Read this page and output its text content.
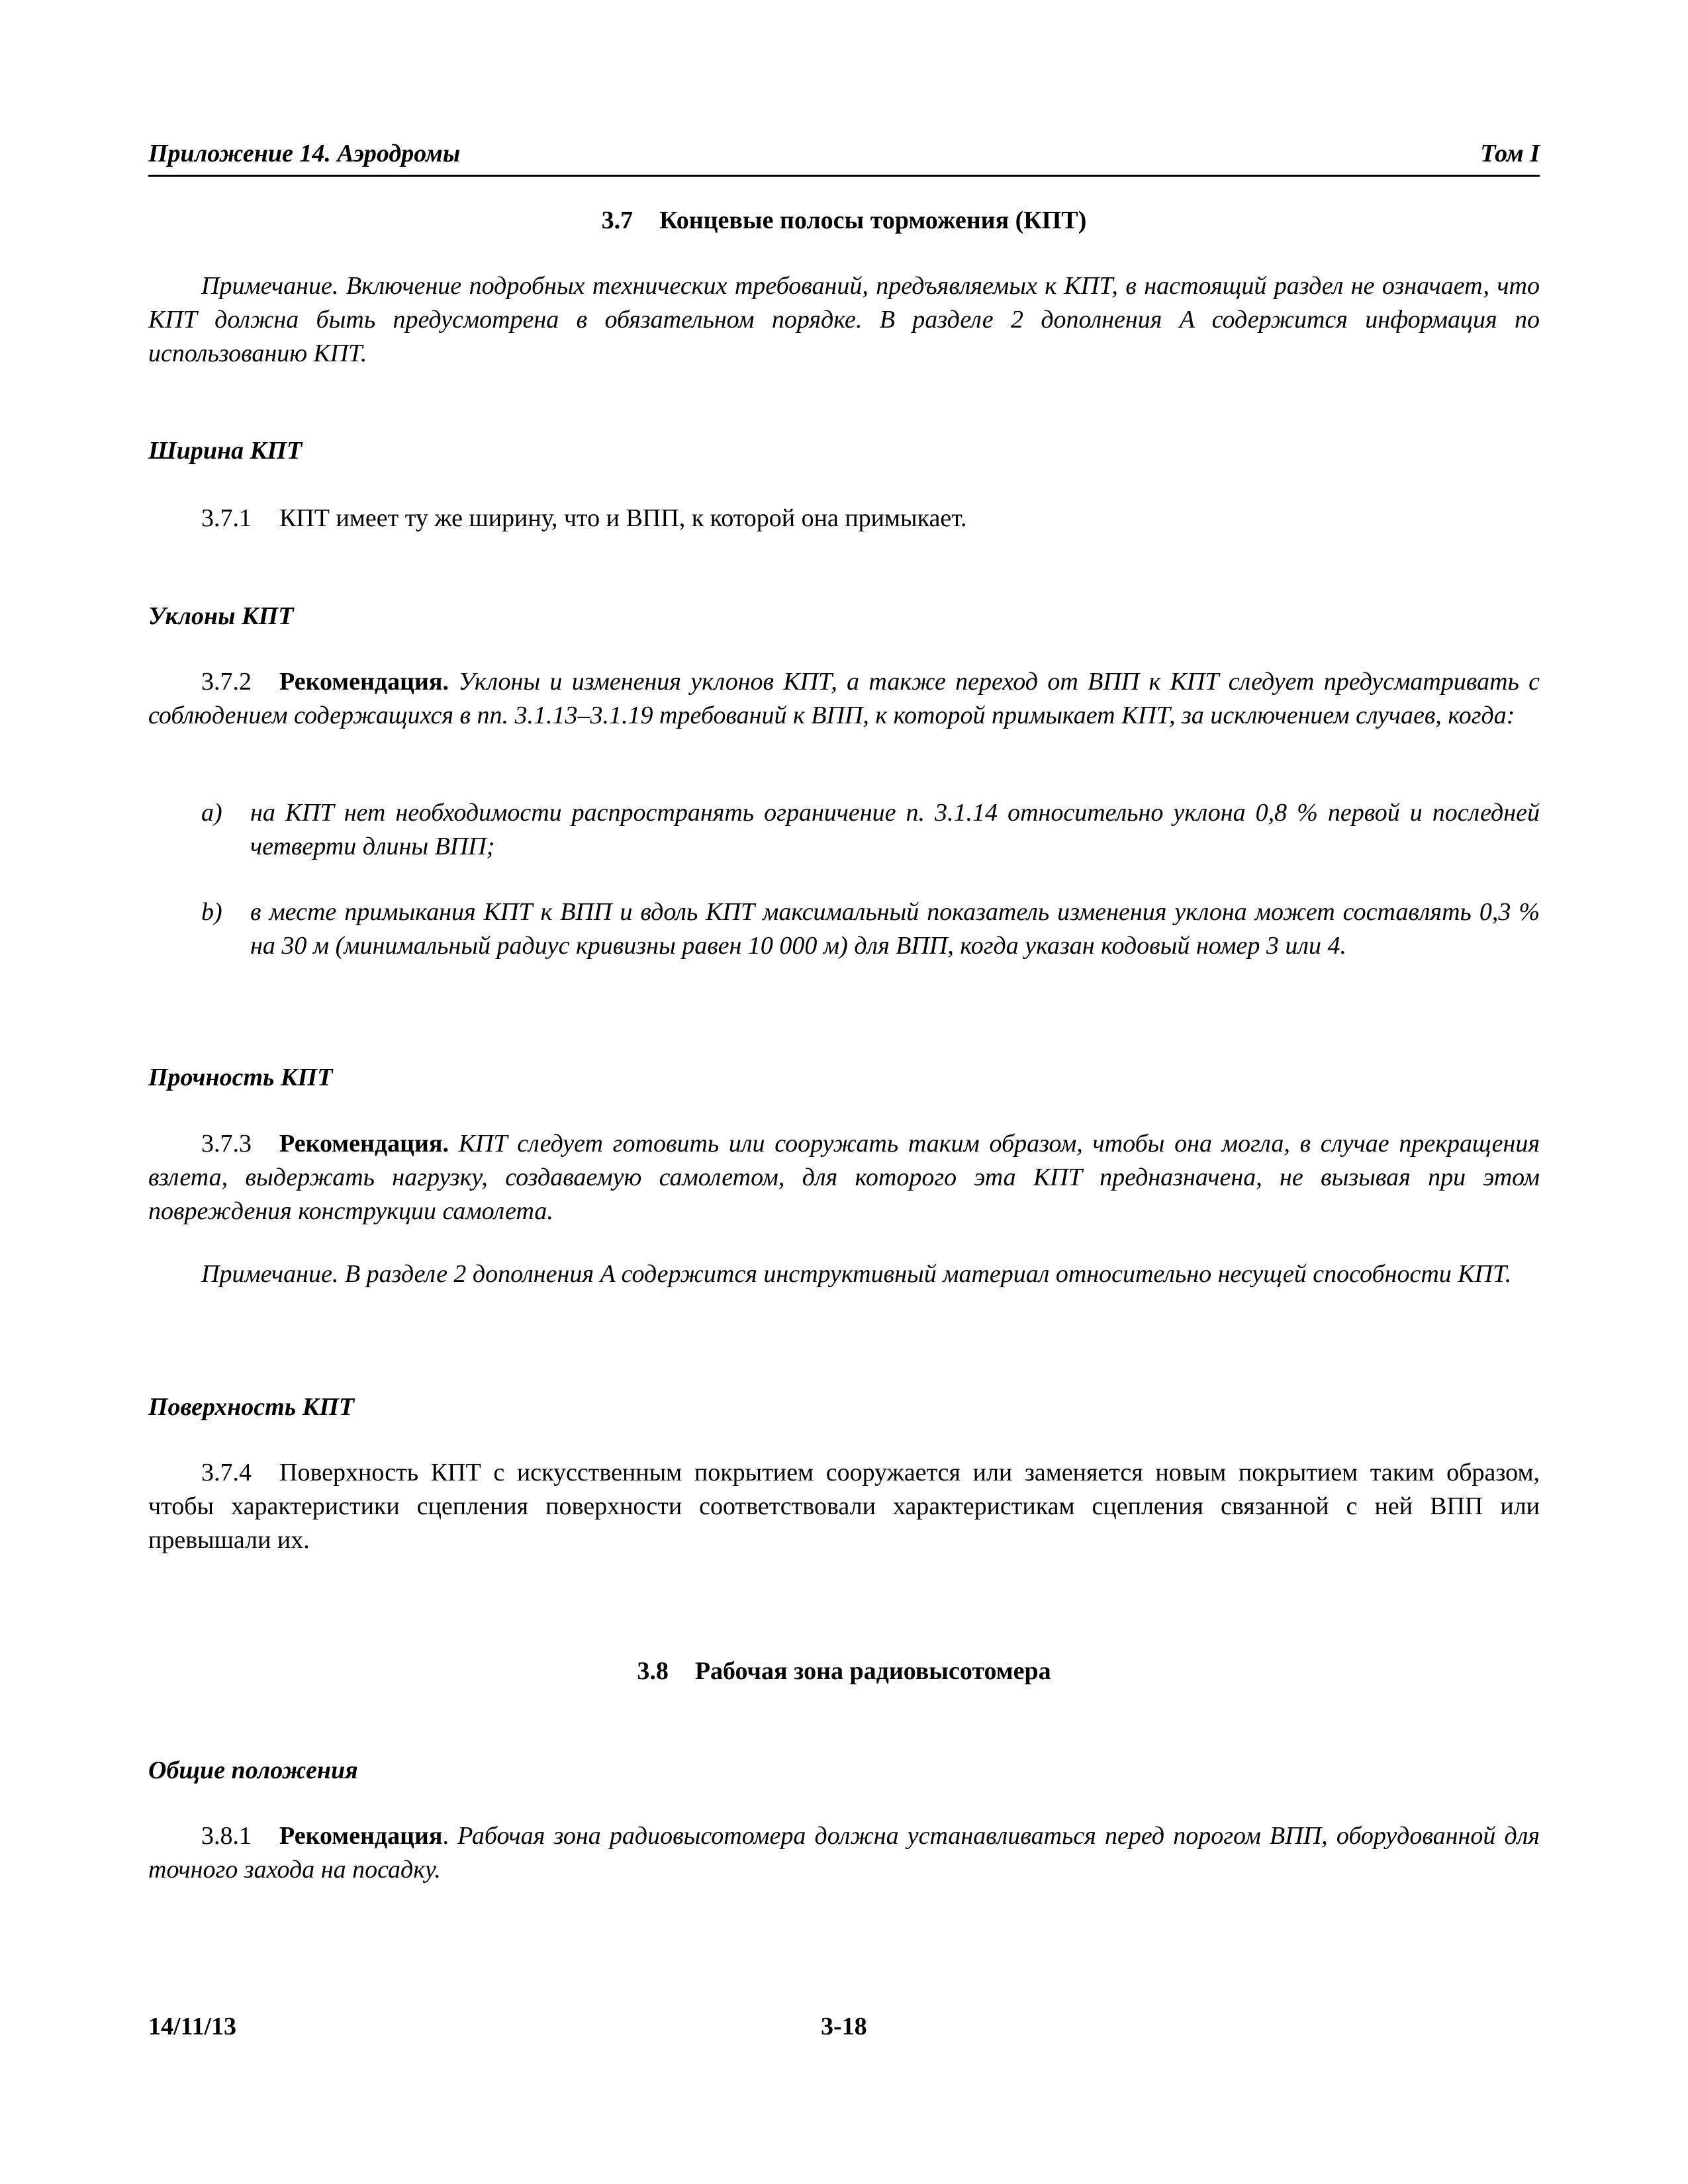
Приложение 14. Аэродромы	Том I
3.7 Концевые полосы торможения (КПТ)
Примечание. Включение подробных технических требований, предъявляемых к КПТ, в настоящий раздел не означает, что КПТ должна быть предусмотрена в обязательном порядке. В разделе 2 дополнения A содержится информация по использованию КПТ.
Ширина КПТ
3.7.1 КПТ имеет ту же ширину, что и ВПП, к которой она примыкает.
Уклоны КПТ
3.7.2 Рекомендация. Уклоны и изменения уклонов КПТ, а также переход от ВПП к КПТ следует предусматривать с соблюдением содержащихся в пп. 3.1.13–3.1.19 требований к ВПП, к которой примыкает КПТ, за исключением случаев, когда:
a) на КПТ нет необходимости распространять ограничение п. 3.1.14 относительно уклона 0,8 % первой и последней четверти длины ВПП;
b) в месте примыкания КПТ к ВПП и вдоль КПТ максимальный показатель изменения уклона может составлять 0,3 % на 30 м (минимальный радиус кривизны равен 10 000 м) для ВПП, когда указан кодовый номер 3 или 4.
Прочность КПТ
3.7.3 Рекомендация. КПТ следует готовить или сооружать таким образом, чтобы она могла, в случае прекращения взлета, выдержать нагрузку, создаваемую самолетом, для которого эта КПТ предназначена, не вызывая при этом повреждения конструкции самолета.
Примечание. В разделе 2 дополнения A содержится инструктивный материал относительно несущей способности КПТ.
Поверхность КПТ
3.7.4 Поверхность КПТ с искусственным покрытием сооружается или заменяется новым покрытием таким образом, чтобы характеристики сцепления поверхности соответствовали характеристикам сцепления связанной с ней ВПП или превышали их.
3.8 Рабочая зона радиовысотомера
Общие положения
3.8.1 Рекомендация. Рабочая зона радиовысотомера должна устанавливаться перед порогом ВПП, оборудованной для точного захода на посадку.
14/11/13	3-18
